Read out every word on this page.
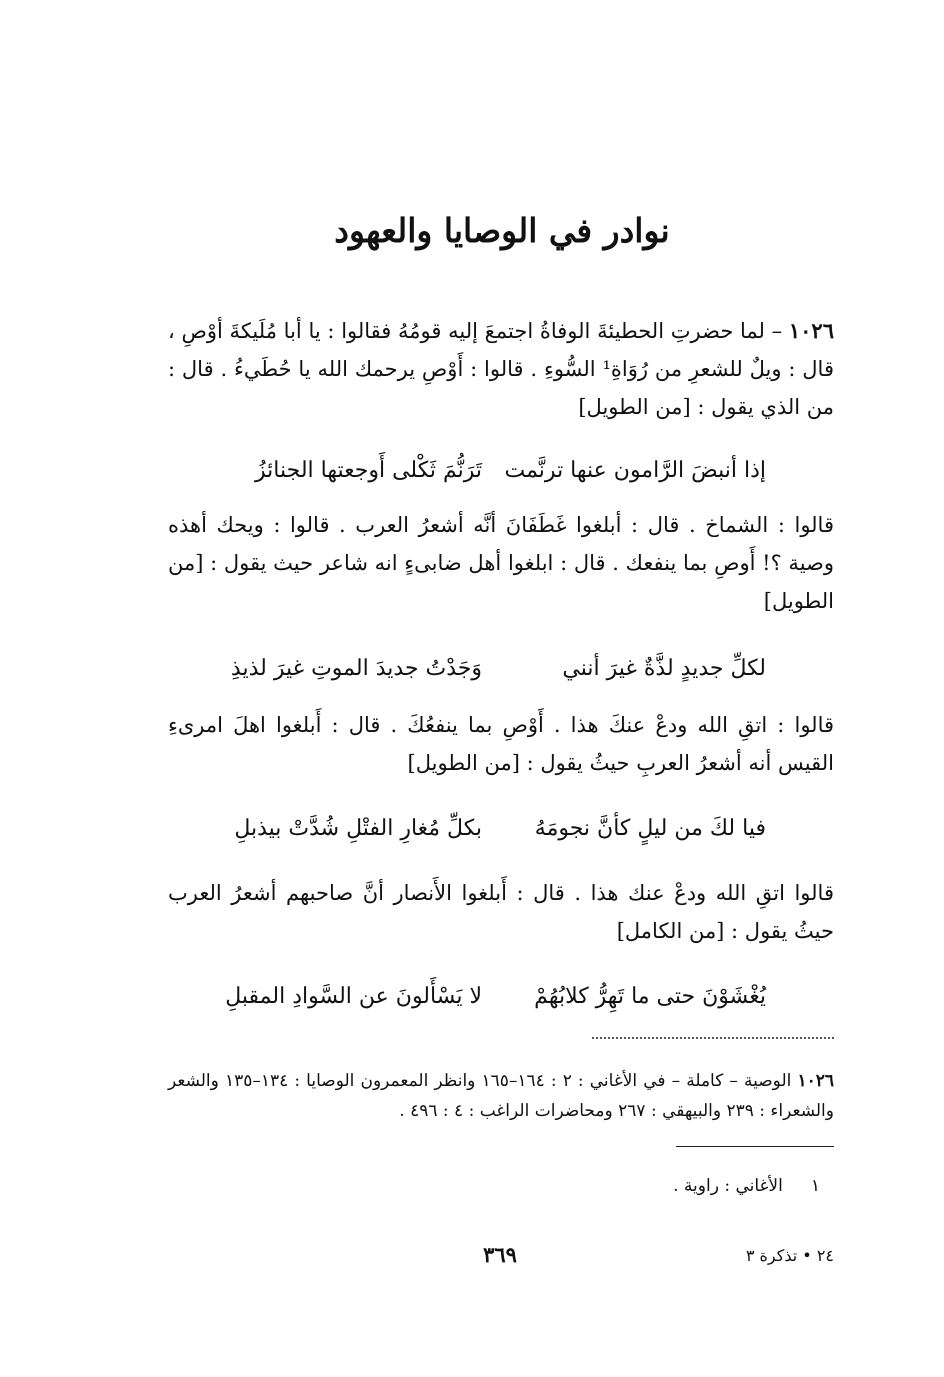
نوادر في الوصايا والعهود
١٠٢٦ – لما حضرتِ الحطيئةَ الوفاةُ اجتمعَ إليه قومُهُ فقالوا : يا أبا مُلَيكةَ أوْصِ ، قال : ويلٌ للشعرِ من رُوَاةِ¹ السُّوءِ . قالوا : أَوْصِ يرحمك الله يا حُطَيءُ . قال : من الذي يقول : [من الطويل]
إذا أنبضَ الرَّامون عنها ترنَّمت
تَرَنُّمَ ثَكْلى أَوجعتها الجنائزُ
قالوا : الشماخ . قال : أبلغوا غَطَفَانَ أنَّه أشعرُ العرب . قالوا : ويحك أهذه وصية ؟! أَوصِ بما ينفعك . قال : ابلغوا أهل ضابىءٍ انه شاعر حيث يقول : [من الطويل]
لكلِّ جديدٍ لذَّةٌ غيرَ أنني
وَجَدْتُ جديدَ الموتِ غيرَ لذيذِ
قالوا : اتقِ الله ودعْ عنكَ هذا . أَوْصِ بما ينفعُكَ . قال : أَبلغوا اهلَ امرىءِ القيس أنه أشعرُ العربِ حيثُ يقول : [من الطويل]
فيا لكَ من ليلٍ كأنَّ نجومَهُ
بكلِّ مُغارِ الفتْلِ شُدَّتْ بيذبلِ
قالوا اتقِ الله ودعْ عنك هذا . قال : أَبلغوا الأَنصار أنَّ صاحبهم أشعرُ العرب حيثُ يقول : [من الكامل]
يُغْشَوْنَ حتى ما تَهِرُّ كلابُهُمْ
لا يَسْأَلونَ عن السَّوادِ المقبلِ
١٠٢٦ الوصية – كاملة – في الأغاني : ٢ : ١٦٤–١٦٥ وانظر المعمرون الوصايا : ١٣٤–١٣٥ والشعر والشعراء : ٢٣٩ والبيهقي : ٢٦٧ ومحاضرات الراغب : ٤ : ٤٩٦ .
١الأغاني : راوية .
٢٤ • تذكرة ٣
٣٦٩
